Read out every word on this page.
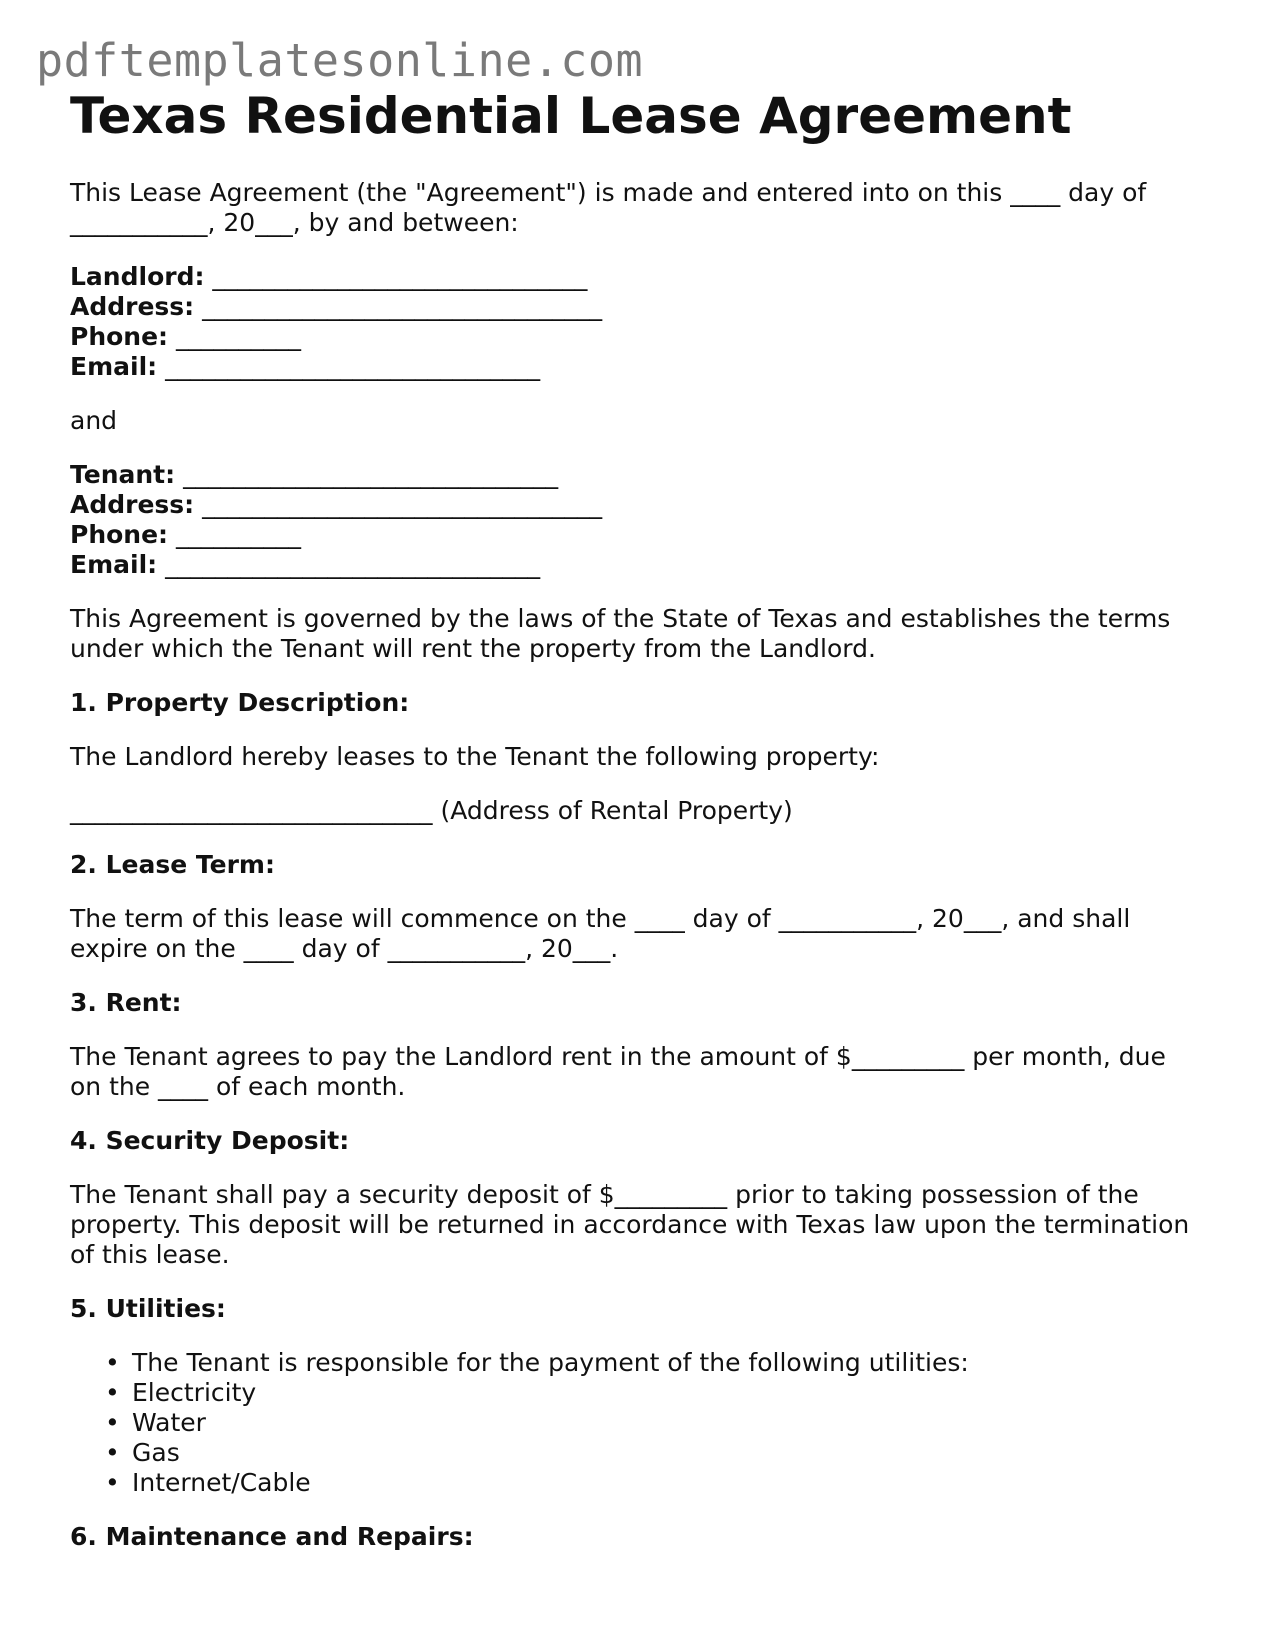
pdftemplatesonline.com
Texas Residential Lease Agreement
This Lease Agreement (the "Agreement") is made and entered into on this ____ day of
___________, 20___, by and between:
Landlord: ______________________________
Address: ________________________________
Phone: __________
Email: ______________________________
and
Tenant: ______________________________
Address: ________________________________
Phone: __________
Email: ______________________________
This Agreement is governed by the laws of the State of Texas and establishes the terms
under which the Tenant will rent the property from the Landlord.
1. Property Description:
The Landlord hereby leases to the Tenant the following property:
_____________________________ (Address of Rental Property)
2. Lease Term:
The term of this lease will commence on the ____ day of ___________, 20___, and shall
expire on the ____ day of ___________, 20___.
3. Rent:
The Tenant agrees to pay the Landlord rent in the amount of $_________ per month, due
on the ____ of each month.
4. Security Deposit:
The Tenant shall pay a security deposit of $_________ prior to taking possession of the
property. This deposit will be returned in accordance with Texas law upon the termination
of this lease.
5. Utilities:
• The Tenant is responsible for the payment of the following utilities:
• Electricity
• Water
• Gas
• Internet/Cable
6. Maintenance and Repairs:
